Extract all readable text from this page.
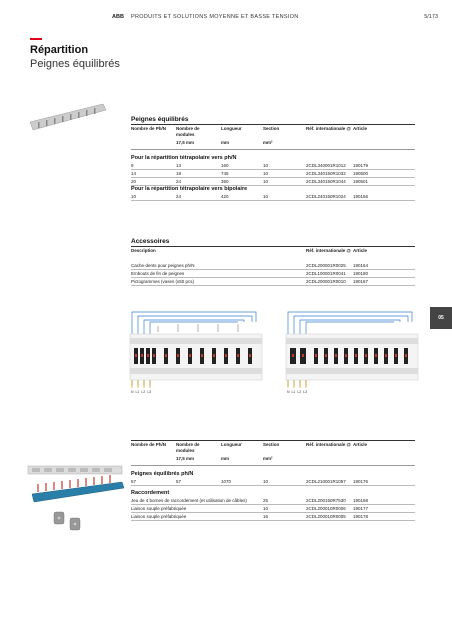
ABB PRODUITS ET SOLUTIONS MOYENNE ET BASSE TENSION	5/173
Répartition
Peignes équilibrés
Peignes équilibrés
Nombre de Ph/N Nombre de modules
Longueur	Section	Réf. internationale @ Article
17,5 mm	mm	mm²
Pour la répartition tétrapolaire vers ph/N
9	13	160	10	2CDL340001R1012 190179
14	18	745	10	2CDL340150R1032 190500
20	24	350	10	2CDL340150R1044 190501
Pour la répartition tétrapolaire vers bipolaire
10	24	420	10	2CDL240150R1024 190166
Accessoires
Description	Réf. internationale @ Article
Cache-dents pour peignes ph/N	2CDL200001R0025 190164
Embouts de fin de peignes	2CDL100001R0041 190180
Pictogrammes (vases (x50 pcs)	2CDL200001R0010 190167
05
N L1 L2 L3	N L1 L2 L3
Nombre de Ph/N Nombre de modules
Longueur	Section	Réf. internationale @ Article
17,5 mm	mm	mm²
Peignes équilibrés ph/N
57	57	1070	10	2CDL210001R1057 190176
Raccordement
Jeu de 4 bornes de raccordement (et utilisation de câbles)	25	2CDL200150R7530 190168
Liaison souple préfabriquée	10	2CDL200010R0006 190177
Liaison souple préfabriquée	16	2CDL200010R0005 190178
